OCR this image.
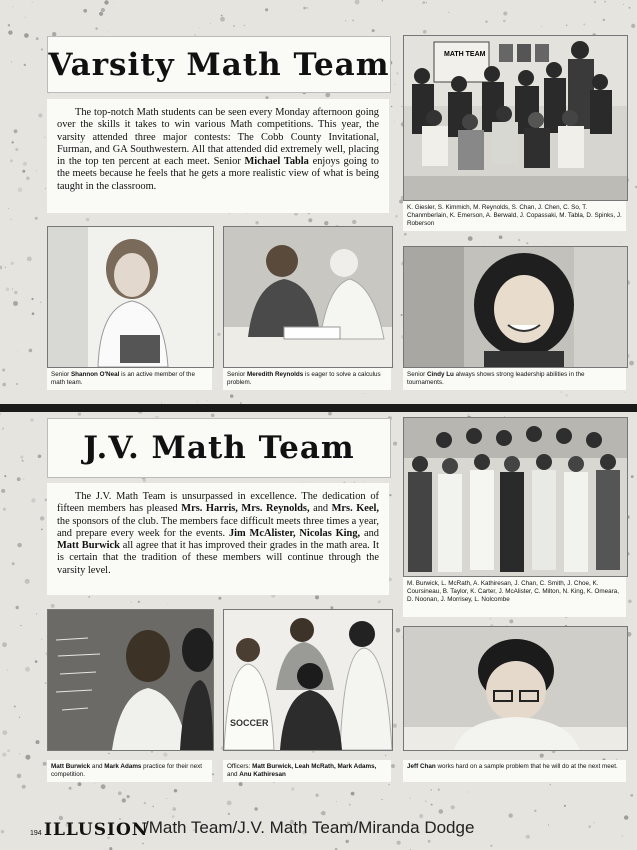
Varsity Math Team

The top-notch Math students can be seen every Monday afternoon going over the skills it takes to win various Math competitions. This year, the varsity attended three major contests: The Cobb County Invitational, Furman, and GA Southwestern. All that attended did extremely well, placing in the top ten percent at each meet. Senior Michael Tabla enjoys going to the meets because he feels that he gets a more realistic view of what is being taught in the classroom.

MATH TEAM
K. Giesler, S. Kimmich, M. Reynolds, S. Chan, J. Chen, C. So, T. Chanmberlain, K. Emerson, A. Berwald, J. Copassaki, M. Tabla, D. Spinks, J. Roberson
Senior Shannon O'Neal is an active member of the math team.
Senior Meredith Reynolds is eager to solve a calculus problem.
Senior Cindy Lu always shows strong leadership abilities in the tournaments.
J.V. Math Team

The J.V. Math Team is unsurpassed in excellence. The dedication of fifteen members has pleased Mrs. Harris, Mrs. Reynolds, and Mrs. Keel, the sponsors of the club. The members face difficult meets three times a year, and prepare every week for the events. Jim McAlister, Nicolas King, and Matt Burwick all agree that it has improved their grades in the math area. It is certain that the tradition of these members will continue through the varsity level.

M. Burwick, L. McRath, A. Kathiresan, J. Chan, C. Smith, J. Choe, K. Coursineau, B. Taylor, K. Carter, J. McAlister, C. Milton, N. King, K. Omeara, D. Noonan, J. Morrisey, L. Nolcombe
Matt Burwick and Mark Adams practice for their next competition.
SOCCER
Officers: Matt Burwick, Leah McRath, Mark Adams, and Anu Kathiresan
Jeff Chan works hard on a sample problem that he will do at the next meet.
194 ILLUSION
/Math Team/J.V. Math Team/Miranda Dodge
